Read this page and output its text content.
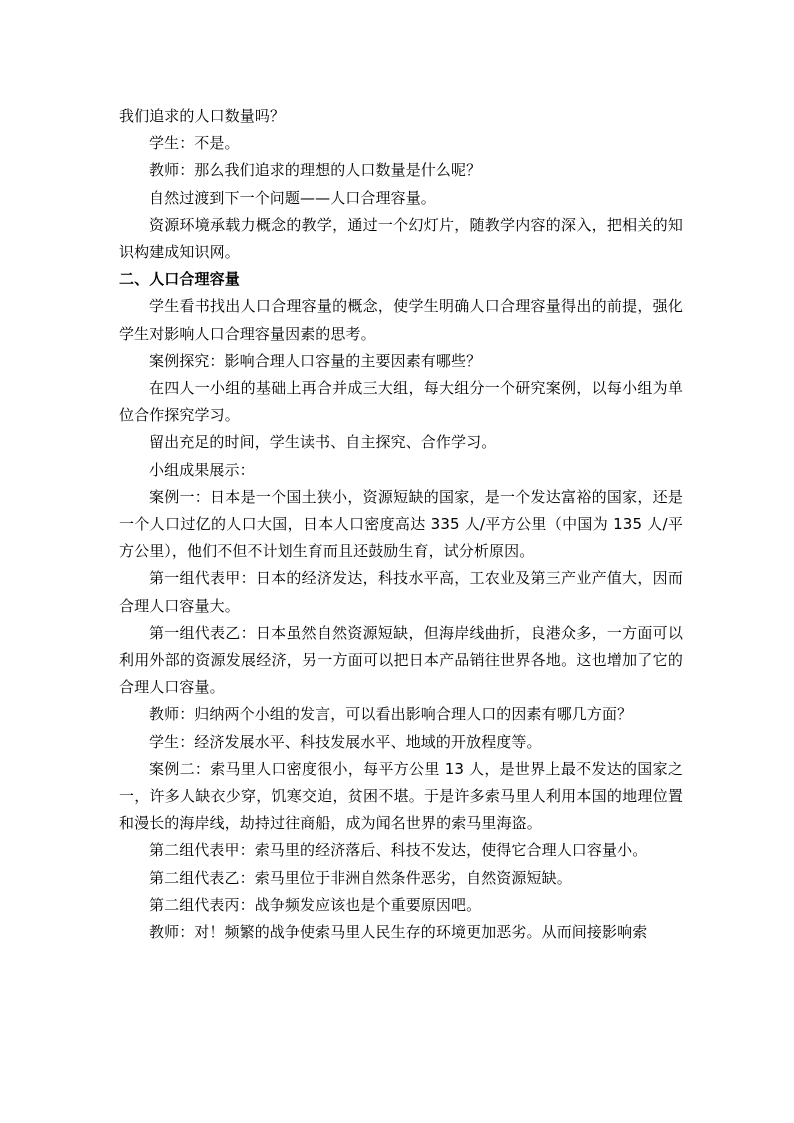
我们追求的人口数量吗？

学生：不是。

教师：那么我们追求的理想的人口数量是什么呢？

自然过渡到下一个问题——人口合理容量。

资源环境承载力概念的教学，通过一个幻灯片，随教学内容的深入，把相关的知识构建成知识网。

二、人口合理容量

学生看书找出人口合理容量的概念，使学生明确人口合理容量得出的前提，强化学生对影响人口合理容量因素的思考。

案例探究：影响合理人口容量的主要因素有哪些？

在四人一小组的基础上再合并成三大组，每大组分一个研究案例，以每小组为单位合作探究学习。

留出充足的时间，学生读书、自主探究、合作学习。

小组成果展示：

案例一：日本是一个国土狭小，资源短缺的国家，是一个发达富裕的国家，还是一个人口过亿的人口大国，日本人口密度高达 335 人/平方公里（中国为 135 人/平方公里），他们不但不计划生育而且还鼓励生育，试分析原因。

第一组代表甲：日本的经济发达，科技水平高，工农业及第三产业产值大，因而合理人口容量大。

第一组代表乙：日本虽然自然资源短缺，但海岸线曲折，良港众多，一方面可以利用外部的资源发展经济，另一方面可以把日本产品销往世界各地。这也增加了它的合理人口容量。

教师：归纳两个小组的发言，可以看出影响合理人口的因素有哪几方面？

学生：经济发展水平、科技发展水平、地域的开放程度等。

案例二：索马里人口密度很小，每平方公里 13 人，是世界上最不发达的国家之一，许多人缺衣少穿，饥寒交迫，贫困不堪。于是许多索马里人利用本国的地理位置和漫长的海岸线，劫持过往商船，成为闻名世界的索马里海盗。

第二组代表甲：索马里的经济落后、科技不发达，使得它合理人口容量小。

第二组代表乙：索马里位于非洲自然条件恶劣，自然资源短缺。

第二组代表丙：战争频发应该也是个重要原因吧。

教师：对！频繁的战争使索马里人民生存的环境更加恶劣。从而间接影响索
